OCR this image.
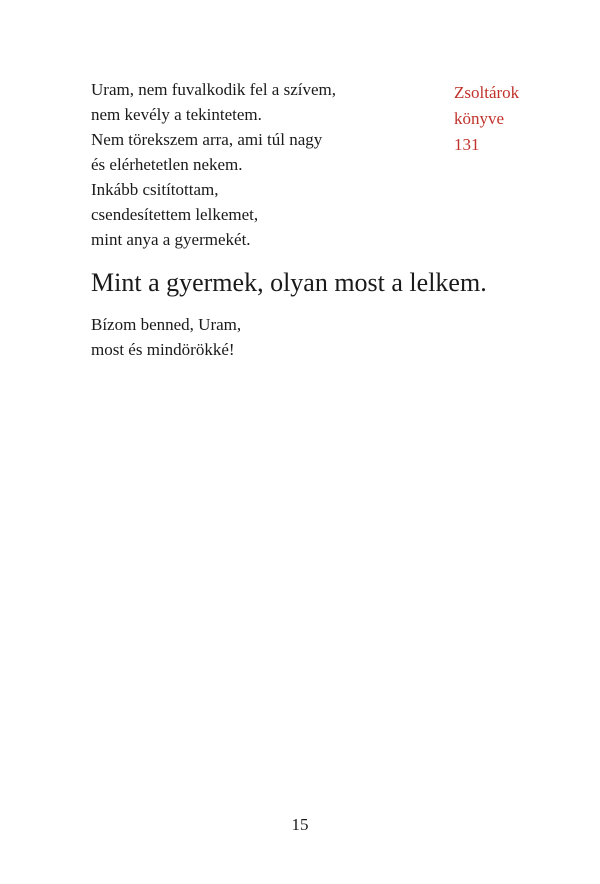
Uram, nem fuvalkodik fel a szívem,
nem kevély a tekintetem.
Nem törekszem arra, ami túl nagy
és elérhetetlen nekem.
Inkább csitítottam,
csendesítettem lelkemet,
mint anya a gyermekét.
Zsoltárok
könyve
131
Mint a gyermek, olyan most a lelkem.
Bízom benned, Uram,
most és mindörökké!
15
